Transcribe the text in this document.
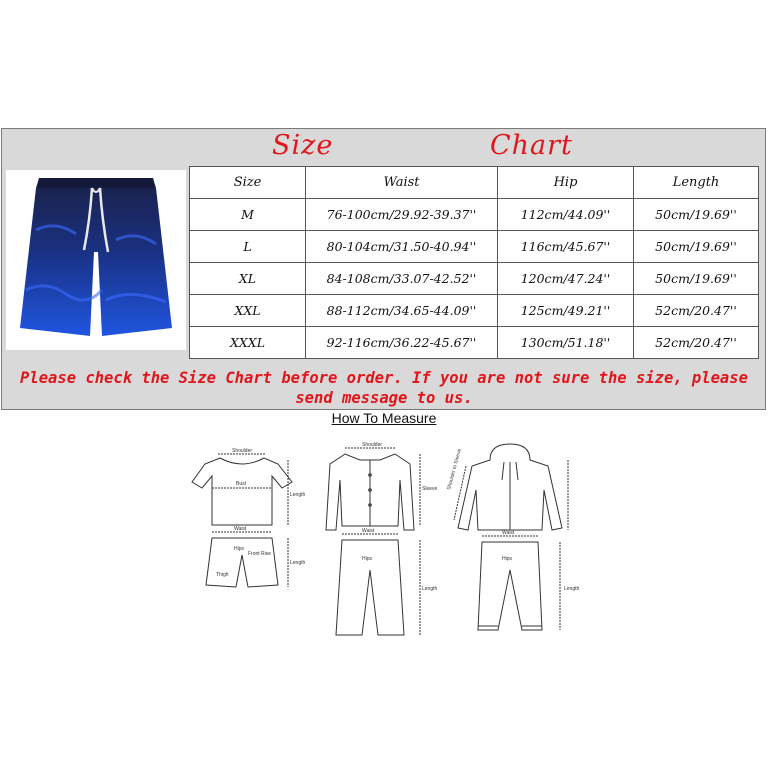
Size	Chart
Size	Waist	Hip	Length
M	76-100cm/29.92-39.37''	112cm/44.09''	50cm/19.69''
L	80-104cm/31.50-40.94''	116cm/45.67''	50cm/19.69''
XL	84-108cm/33.07-42.52''	120cm/47.24''	50cm/19.69''
XXL	88-112cm/34.65-44.09''	125cm/49.21''	52cm/20.47''
XXXL	92-116cm/36.22-45.67''	130cm/51.18''	52cm/20.47''
Please check the Size Chart before order. If you are not sure the size, please
send message to us.
How To Measure
Shoulder
Bust
Length
Waist
Hips
Front Rise
Thigh
Length
Shoulder
Sleeve
Waist
Hips
Length
Shoulder to Sleeve
Waist
Hips
Length
